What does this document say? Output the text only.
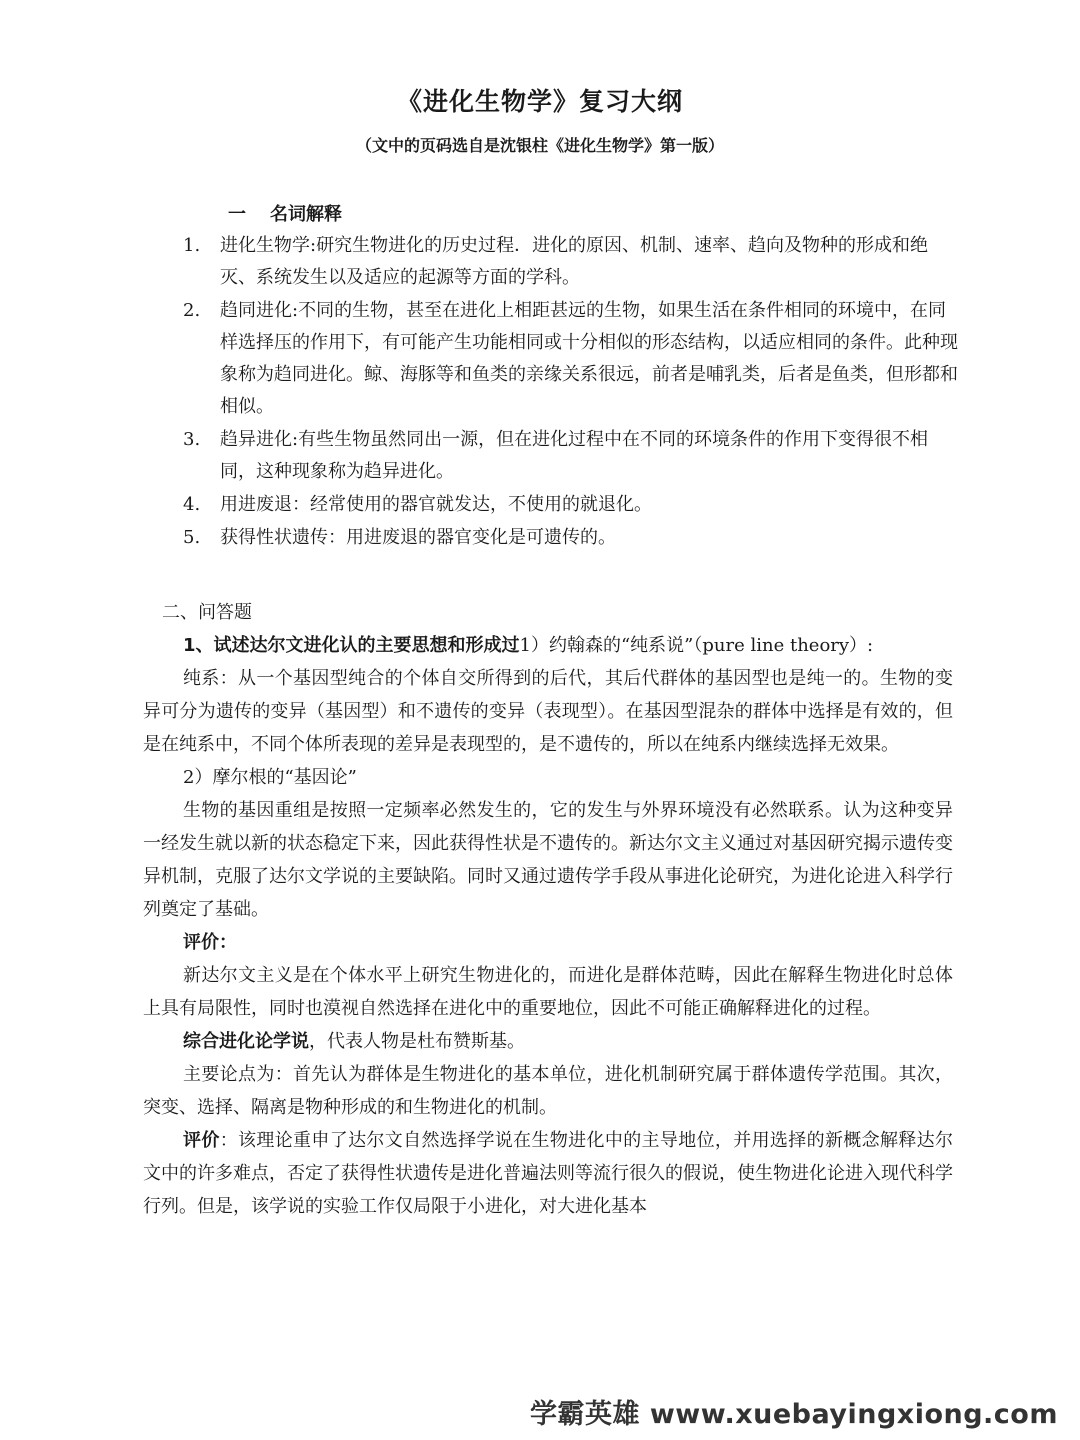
《进化生物学》复习大纲
（文中的页码选自是沈银柱《进化生物学》第一版）
一 名词解释
1. 进化生物学:研究生物进化的历史过程．进化的原因、机制、速率、趋向及物种的形成和绝灭、系统发生以及适应的起源等方面的学科。
2. 趋同进化:不同的生物，甚至在进化上相距甚远的生物，如果生活在条件相同的环境中，在同样选择压的作用下，有可能产生功能相同或十分相似的形态结构，以适应相同的条件。此种现象称为趋同进化。鲸、海豚等和鱼类的亲缘关系很远，前者是哺乳类，后者是鱼类，但形都和相似。
3. 趋异进化:有些生物虽然同出一源，但在进化过程中在不同的环境条件的作用下变得很不相同，这种现象称为趋异进化。
4. 用进废退：经常使用的器官就发达，不使用的就退化。
5. 获得性状遗传：用进废退的器官变化是可遗传的。
二、问答题

1、试述达尔文进化认的主要思想和形成过1）约翰森的“纯系说”（pure line theory）:

纯系：从一个基因型纯合的个体自交所得到的后代，其后代群体的基因型也是纯一的。生物的变异可分为遗传的变异（基因型）和不遗传的变异（表现型）。在基因型混杂的群体中选择是有效的，但是在纯系中，不同个体所表现的差异是表现型的，是不遗传的，所以在纯系内继续选择无效果。

2）摩尔根的“基因论”

生物的基因重组是按照一定频率必然发生的，它的发生与外界环境没有必然联系。认为这种变异一经发生就以新的状态稳定下来，因此获得性状是不遗传的。新达尔文主义通过对基因研究揭示遗传变异机制，克服了达尔文学说的主要缺陷。同时又通过遗传学手段从事进化论研究，为进化论进入科学行列奠定了基础。

评价：

新达尔文主义是在个体水平上研究生物进化的，而进化是群体范畴，因此在解释生物进化时总体上具有局限性，同时也漠视自然选择在进化中的重要地位，因此不可能正确解释进化的过程。

综合进化论学说，代表人物是杜布赞斯基。

主要论点为：首先认为群体是生物进化的基本单位，进化机制研究属于群体遗传学范围。其次，突变、选择、隔离是物种形成的和生物进化的机制。

评价：该理论重申了达尔文自然选择学说在生物进化中的主导地位，并用选择的新概念解释达尔文中的许多难点，否定了获得性状遗传是进化普遍法则等流行很久的假说，使生物进化论进入现代科学行列。但是，该学说的实验工作仅局限于小进化，对大进化基本

学霸英雄 www.xuebayingxiong.com
